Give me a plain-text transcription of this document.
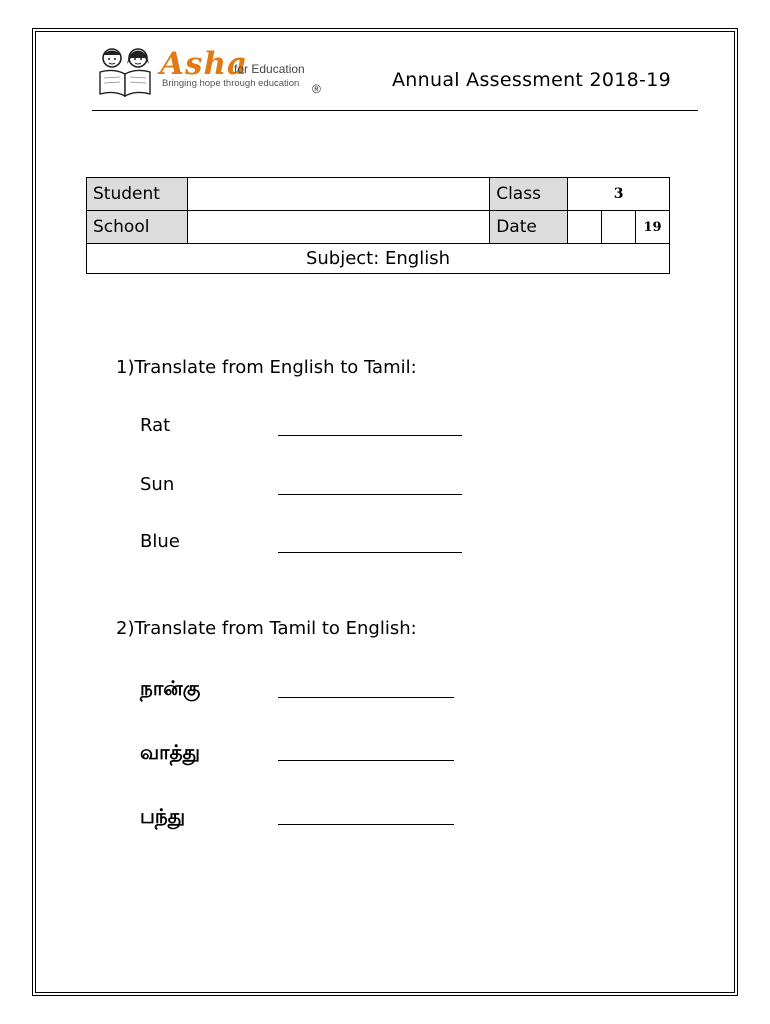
Asha
for Education
Bringing hope through education ®	Annual Assessment 2018-19
Student		Class	3		
School		Date			19
Subject: English					
1)Translate from English to Tamil:
Rat
Sun
Blue
2)Translate from Tamil to English:
நான்கு
வாத்து
பந்து
